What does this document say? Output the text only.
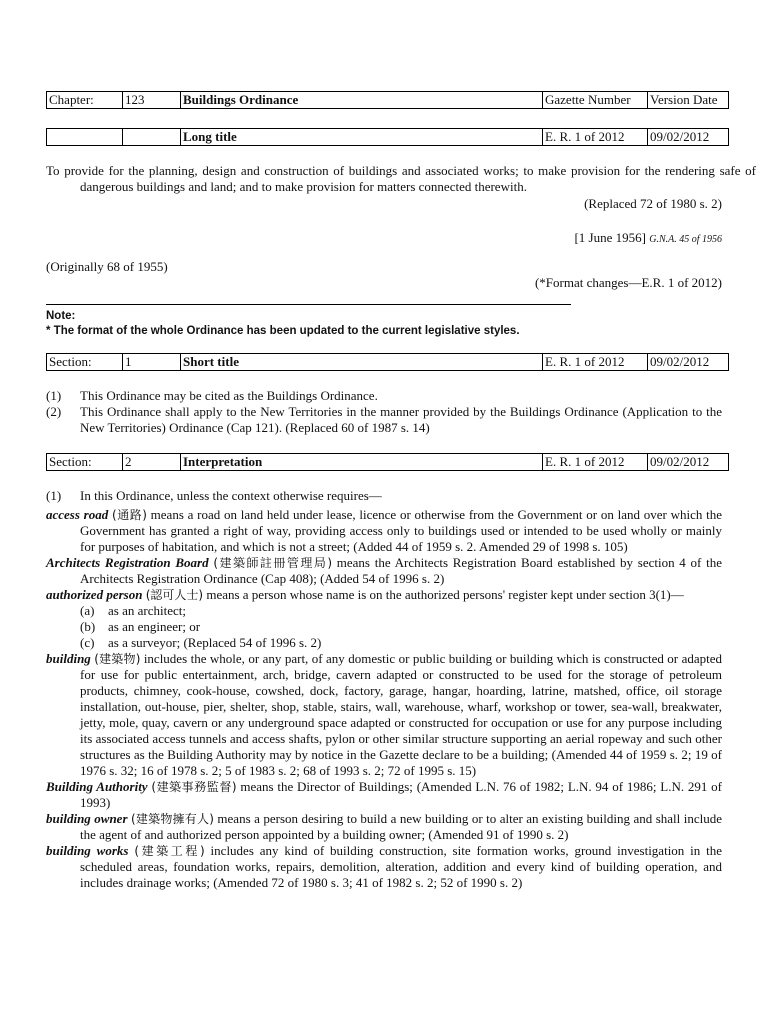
Chapter:	123	Buildings Ordinance	Gazette Number	Version Date
		Long title	E. R. 1 of 2012	09/02/2012
To provide for the planning, design and construction of buildings and associated works; to make provision for the rendering safe of dangerous buildings and land; and to make provision for matters connected therewith.
(Replaced 72 of 1980 s. 2)
[1 June 1956] G.N.A. 45 of 1956
(Originally 68 of 1955)
(*Format changes—E.R. 1 of 2012)
Note:
* The format of the whole Ordinance has been updated to the current legislative styles.
Section:	1	Short title	E. R. 1 of 2012	09/02/2012
(1) This Ordinance may be cited as the Buildings Ordinance.
(2) This Ordinance shall apply to the New Territories in the manner provided by the Buildings Ordinance (Application to the New Territories) Ordinance (Cap 121). (Replaced 60 of 1987 s. 14)
Section:	2	Interpretation	E. R. 1 of 2012	09/02/2012
(1) In this Ordinance, unless the context otherwise requires—
access road (通路) means a road on land held under lease, licence or otherwise from the Government or on land over which the Government has granted a right of way, providing access only to buildings used or intended to be used wholly or mainly for purposes of habitation, and which is not a street; (Added 44 of 1959 s. 2. Amended 29 of 1998 s. 105)
Architects Registration Board (建築師註冊管理局) means the Architects Registration Board established by section 4 of the Architects Registration Ordinance (Cap 408); (Added 54 of 1996 s. 2)
authorized person (認可人士) means a person whose name is on the authorized persons' register kept under section 3(1)—
(a)	as an architect;
(b) as an engineer; or
(c)	as a surveyor; (Replaced 54 of 1996 s. 2)
building (建築物) includes the whole, or any part, of any domestic or public building or building which is constructed or adapted for use for public entertainment, arch, bridge, cavern adapted or constructed to be used for the storage of petroleum products, chimney, cook-house, cowshed, dock, factory, garage, hangar, hoarding, latrine, matshed, office, oil storage installation, out-house, pier, shelter, shop, stable, stairs, wall, warehouse, wharf, workshop or tower, sea-wall, breakwater, jetty, mole, quay, cavern or any underground space adapted or constructed for occupation or use for any purpose including its associated access tunnels and access shafts, pylon or other similar structure supporting an aerial ropeway and such other structures as the Building Authority may by notice in the Gazette declare to be a building; (Amended 44 of 1959 s. 2; 19 of 1976 s. 32; 16 of 1978 s. 2; 5 of 1983 s. 2; 68 of 1993 s. 2; 72 of 1995 s. 15)
Building Authority (建築事務監督) means the Director of Buildings; (Amended L.N. 76 of 1982; L.N. 94 of 1986; L.N. 291 of 1993)
building owner (建築物擁有人) means a person desiring to build a new building or to alter an existing building and shall include the agent of and authorized person appointed by a building owner; (Amended 91 of 1990 s. 2)
building works (建築工程) includes any kind of building construction, site formation works, ground investigation in the scheduled areas, foundation works, repairs, demolition, alteration, addition and every kind of building operation, and includes drainage works; (Amended 72 of 1980 s. 3; 41 of 1982 s. 2; 52 of 1990 s. 2)
